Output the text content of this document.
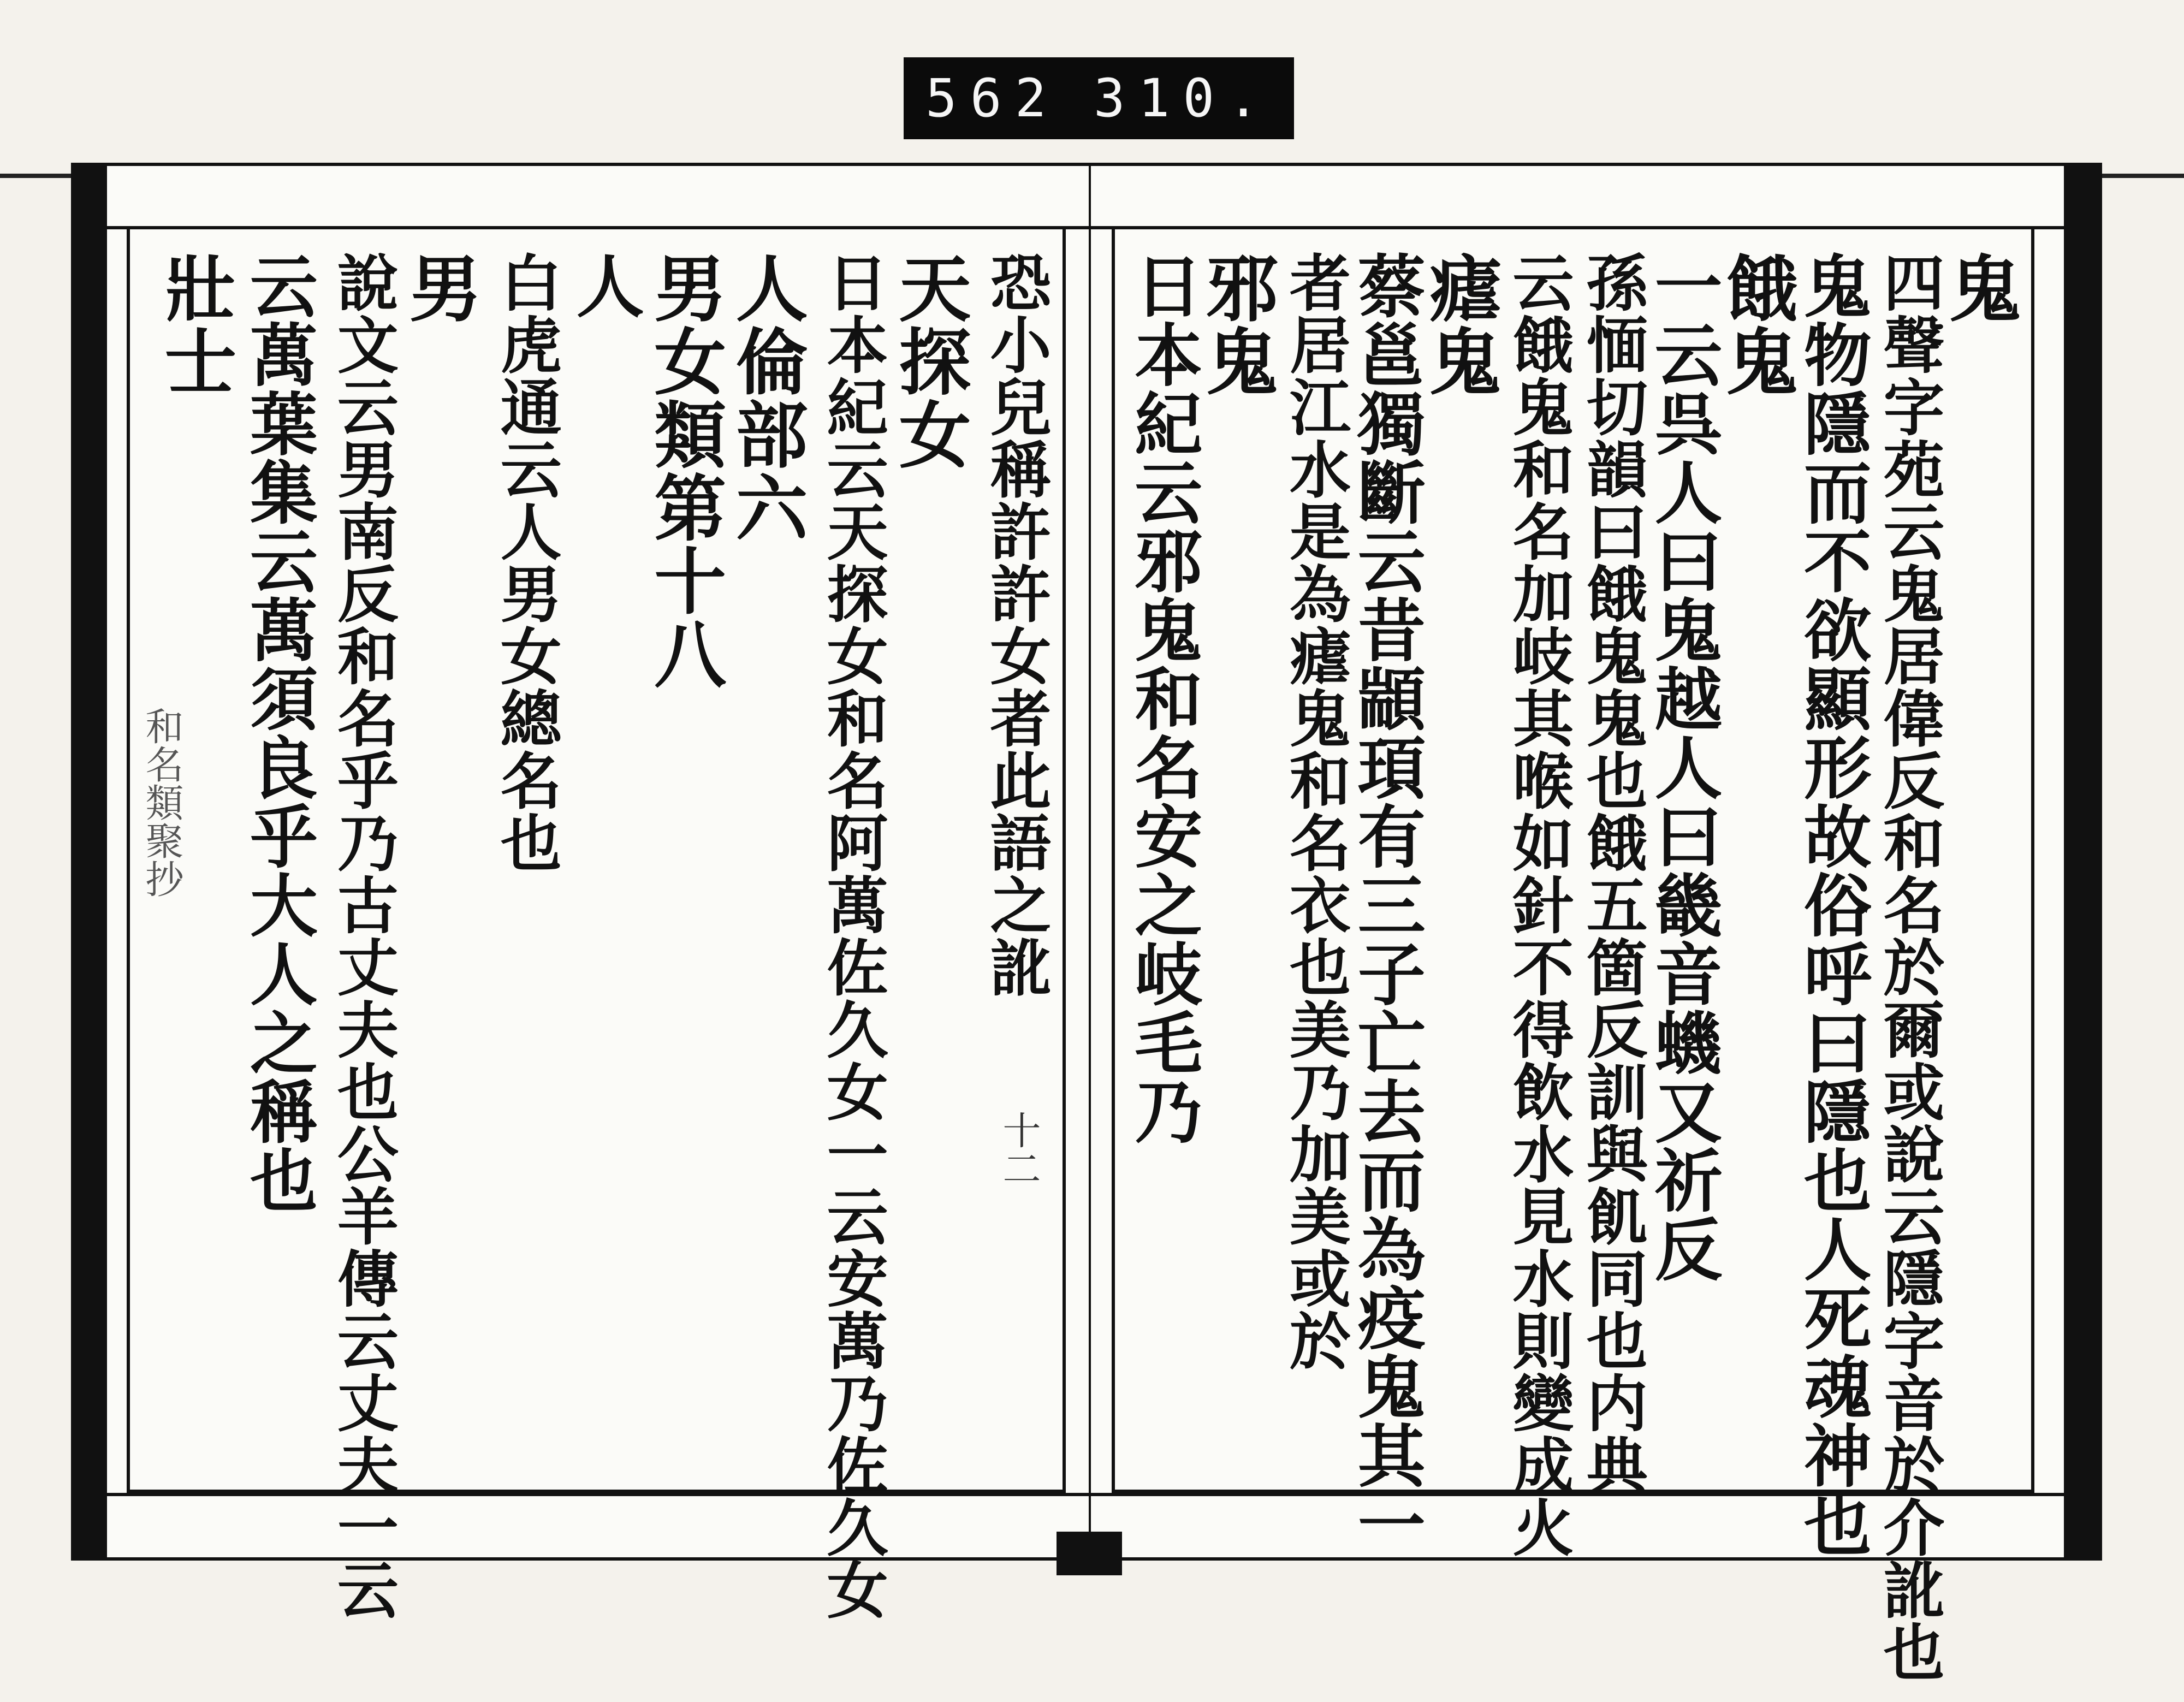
562 310.
和名類聚抄
十二
鬼
四聲字苑云鬼居偉反和名於爾或說云隱字音於介訛也
鬼物隱而不欲顯形故俗呼曰隱也人死魂神也
餓鬼
一云呉人曰鬼越人曰畿音蟣又祈反
孫愐切韻曰餓鬼鬼也餓五箇反訓與飢同也内典
云餓鬼和名加岐其喉如針不得飲水見水則變成火
瘧鬼
蔡邕獨斷云昔顓頊有三子亡去而為疫鬼其一
者居江水是為瘧鬼和名衣也美乃加美或於
邪鬼
日本紀云邪鬼和名安之岐毛乃
恐小兒稱許許女者此語之訛
天探女
日本紀云天探女和名阿萬佐久女一云安萬乃佐久女
人倫部六
男女類第十八
人
白虎通云人男女總名也
男
說文云男南反和名乎乃古丈夫也公羊傳云丈夫一云
云萬葉集云萬須良乎大人之稱也
壯士
